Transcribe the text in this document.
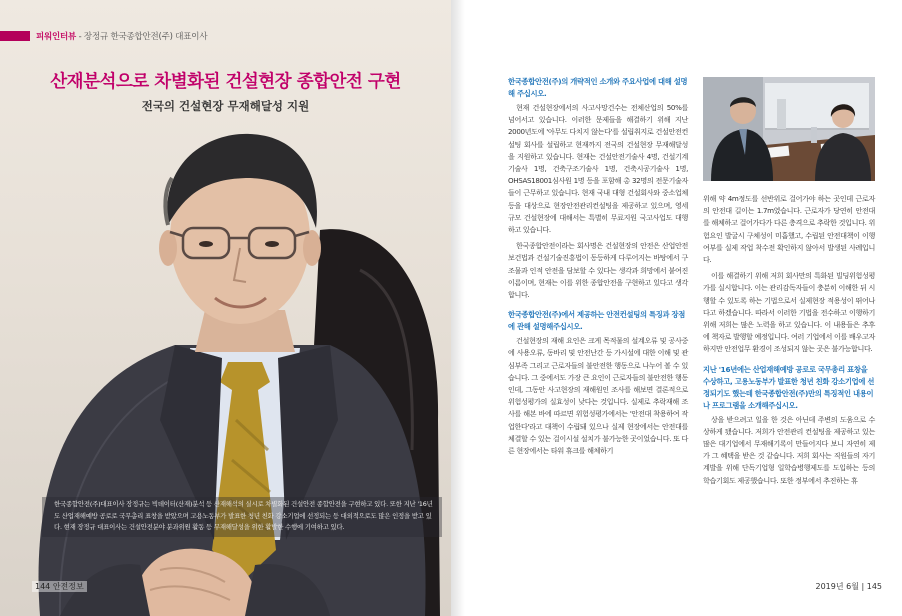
피워인터뷰 - 장정규 한국종합안전(주) 대표이사
산재분석으로 차별화된 건설현장 종합안전 구현
전국의 건설현장 무재해달성 지원
한국종합안전(주)대표이사 장정규는 빅데이터(산재)분석 등 산재해석의 실시로 차별화된 건설안전 종합안전을 구현하고 있다. 또한 지난 '16년도 산업재해예방 공로로 국무총리 표창을 받았으며 고용노동부가 발표한 청년 친화 강소기업에 선정되는 등 대외적으로도 많은 인정을 받고 있다. 현재 장정규 대표이사는 건설안전분야 분과위원 활동 등 무재해달성을 위한 활발한 수행에 기여하고 있다.
144 안전정보
한국종합안전(주)의 개략적인 소개와 주요사업에 대해 설명해 주십시오.
현재 건설현장에서의 사고사망건수는 전체산업의 50%를 넘어서고 있습니다. 이러한 문제들을 해결하기 위해 지난 2000년도에 '아무도 다치지 않는다'를 설립취지로 건설안전컨설팅 회사를 설립하고 현재까지 전국의 건설현장 무재해달성을 지원하고 있습니다. 현재는 건설안전기술사 4명, 건설기계기술사 1명, 건축구조기술사 1명, 건축시공기술사 1명, OHSAS18001심사원 1명 등을 포함해 총 32명의 전문기술자들이 근무하고 있습니다. 현재 국내 대형 건설회사와 중소업체 등을 대상으로 현장안전관리컨설팅을 제공하고 있으며, 영세규모 건설현장에 대해서는 특별히 무료지원 국고사업도 대행하고 있습니다.
한국종합안전이라는 회사명은 건설현장의 안전은 산업안전보건법과 건설기술진흥법이 동등하게 다루어지는 바탕에서 구조물과 인적 안전을 담보할 수 있다는 생각과 희망에서 붙여진 이름이며, 현재는 이를 위한 종합안전을 구현하고 있다고 생각합니다.
한국종합안전(주)에서 제공하는 안전컨설팅의 특징과 장점에 관해 설명해주십시오.
건설현장의 재해 요인은 크게 목적물의 설계오류 및 공사중에 사용오류, 동바리 및 안전난간 등 가시설에 대한 이해 및 관심부족 그리고 근로자들의 불안전한 행동으로 나누어 볼 수 있습니다. 그 중에서도 가장 큰 요인이 근로자들의 불안전한 행동인데, 그동안 사고현장의 재해원인 조사를 해보면 결론적으로 위험성평가의 실효성이 낮다는 것입니다. 실제로 추락재해 조사를 해본 바에 따르면 위험성평가에서는 '안전대 착용하여 작업한다'라고 대책이 수립돼 있으나 실제 현장에서는 안전대를 체결할 수 있는 걸이시설 설치가 불가능한 곳이었습니다. 또 다른 현장에서는 타워 휴크를 해체하기
위해 약 4m정도를 선반위로 걸어가야 하는 곳인데 근로자의 안전대 길이는 1.7m였습니다. 근로자가 당연히 안전대를 해체하고 걸어가다가 다른 층격으로 추락한 것입니다. 위험요인 발굴시 구체성이 미흡했고, 수립된 안전대책이 이행여부를 실제 작업 착수전 확인하지 않아서 발생된 사례입니다.
이를 해결하기 위해 저희 회사만의 특화된 빌딩위험성평가를 실시합니다. 이는 관리감독자들이 충분히 이해한 뒤 시행할 수 있도록 하는 기법으로서 실제현장 적용성이 뛰어나다고 하겠습니다. 따라서 이러한 기법을 전수하고 이행하기 위해 저희는 많은 노력을 하고 있습니다. 이 내용들은 추후에 책자로 발행할 예정입니다. 여러 기업에서 이를 배우고자 하지만 안전업무 환경이 조성되지 않는 곳은 불가능합니다.
지난 '16년에는 산업재해예방 공로로 국무총리 표창을 수상하고, 고용노동부가 발표한 청년 친화 강소기업에 선정되기도 했는데 한국종합안전(주)만의 특징적인 내용이나 프로그램을 소개해주십시오.
상을 받으려고 일을 한 것은 아닌데 주변의 도움으로 수상하게 됐습니다. 저희가 안전관리 컨설팅을 제공하고 있는 많은 대기업에서 무재해기록이 만들어지다 보니 자연히 제가 그 혜택을 받은 것 같습니다. 저희 회사는 직원들의 자기계발을 위해 단독기업형 일학습병행제도를 도입하는 등의 학습기회도 제공했습니다. 또한 정부에서 추진하는 휴
2019년 6월 | 145
